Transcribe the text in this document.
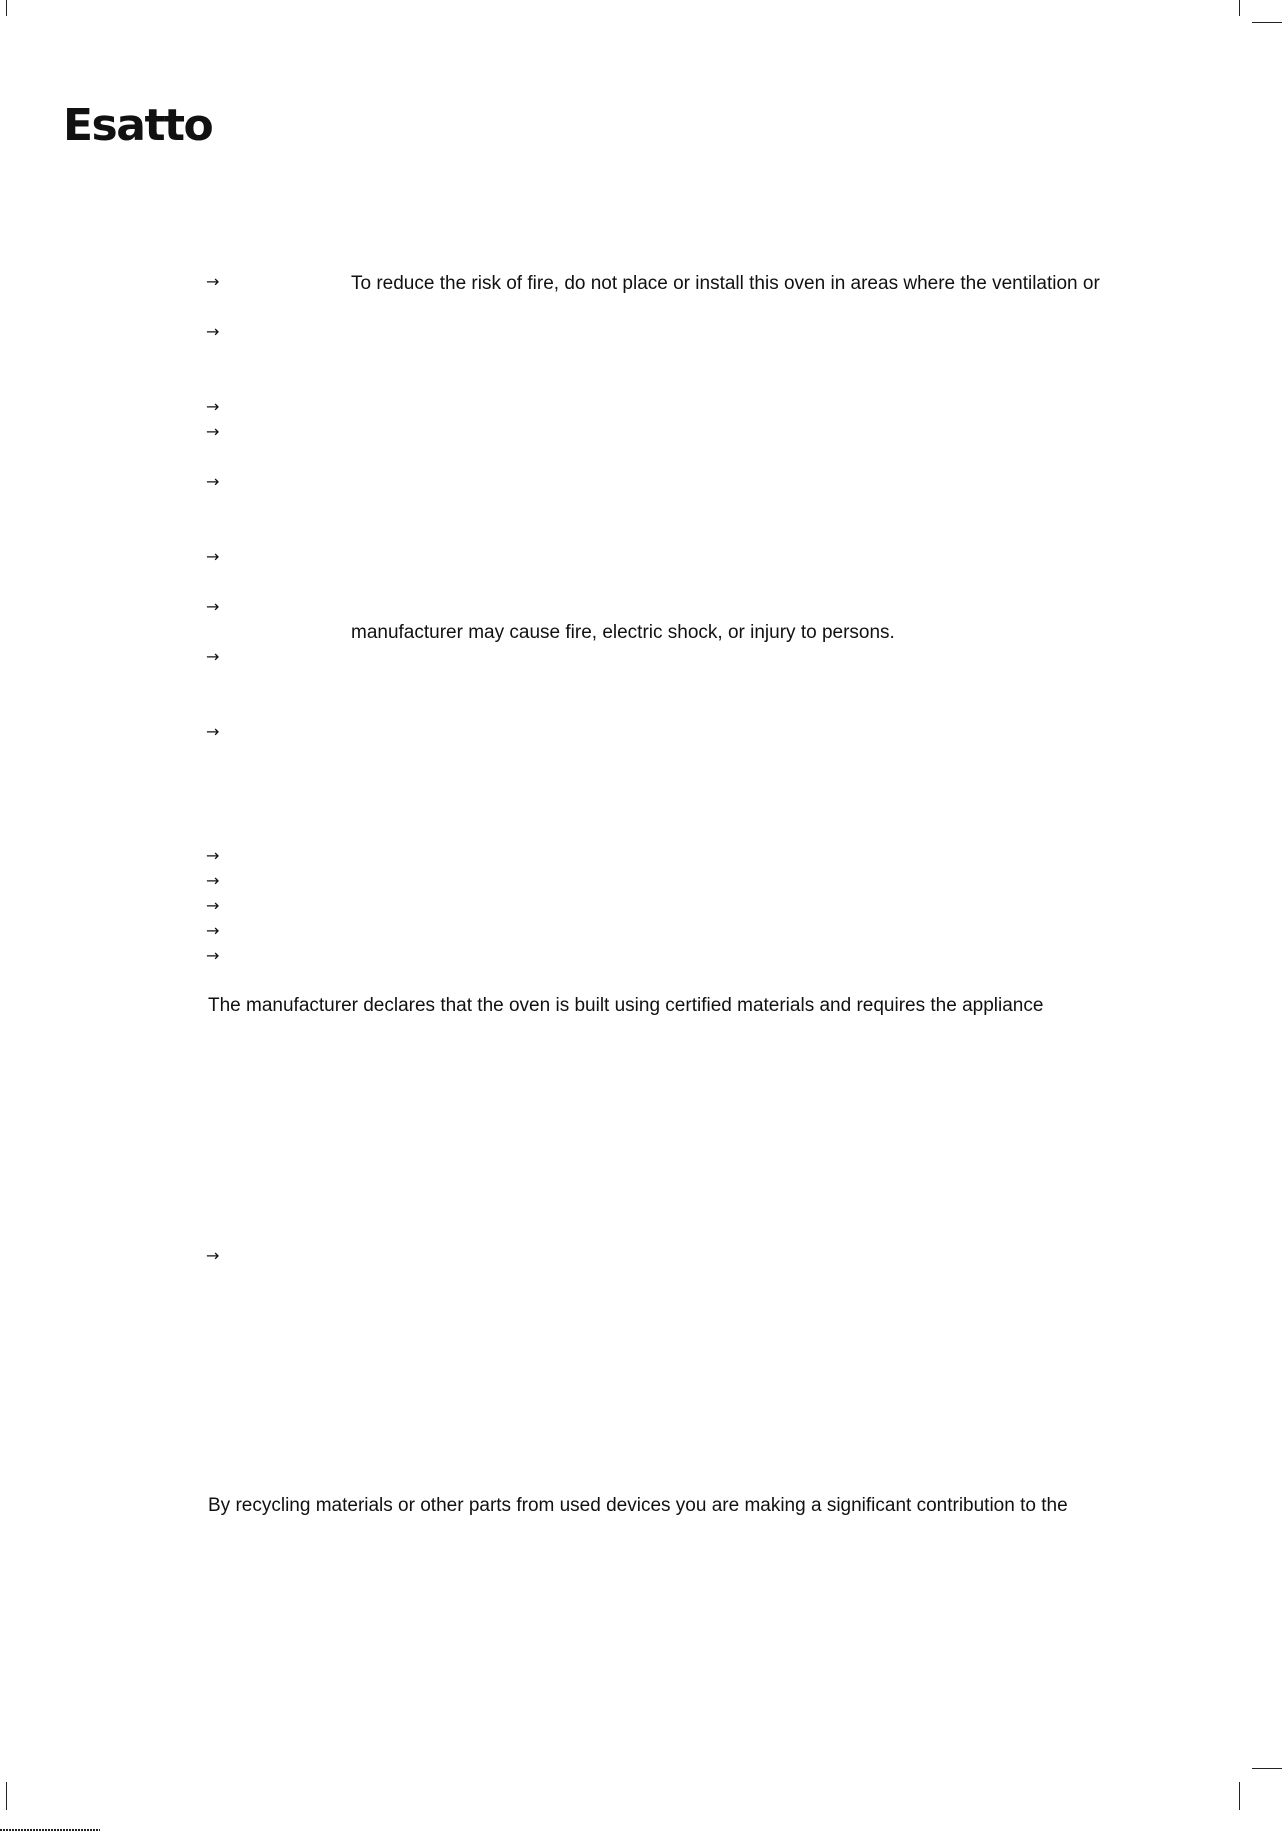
Esatto
→
→
→
→
→
→
→
→
→
→
→
→
→
→
→
To reduce the risk of fire, do not place or install this oven in areas where the ventilation or
manufacturer may cause fire, electric shock, or injury to persons.
The manufacturer declares that the oven is built using certified materials and requires the appliance
By recycling materials or other parts from used devices you are making a significant contribution to the
